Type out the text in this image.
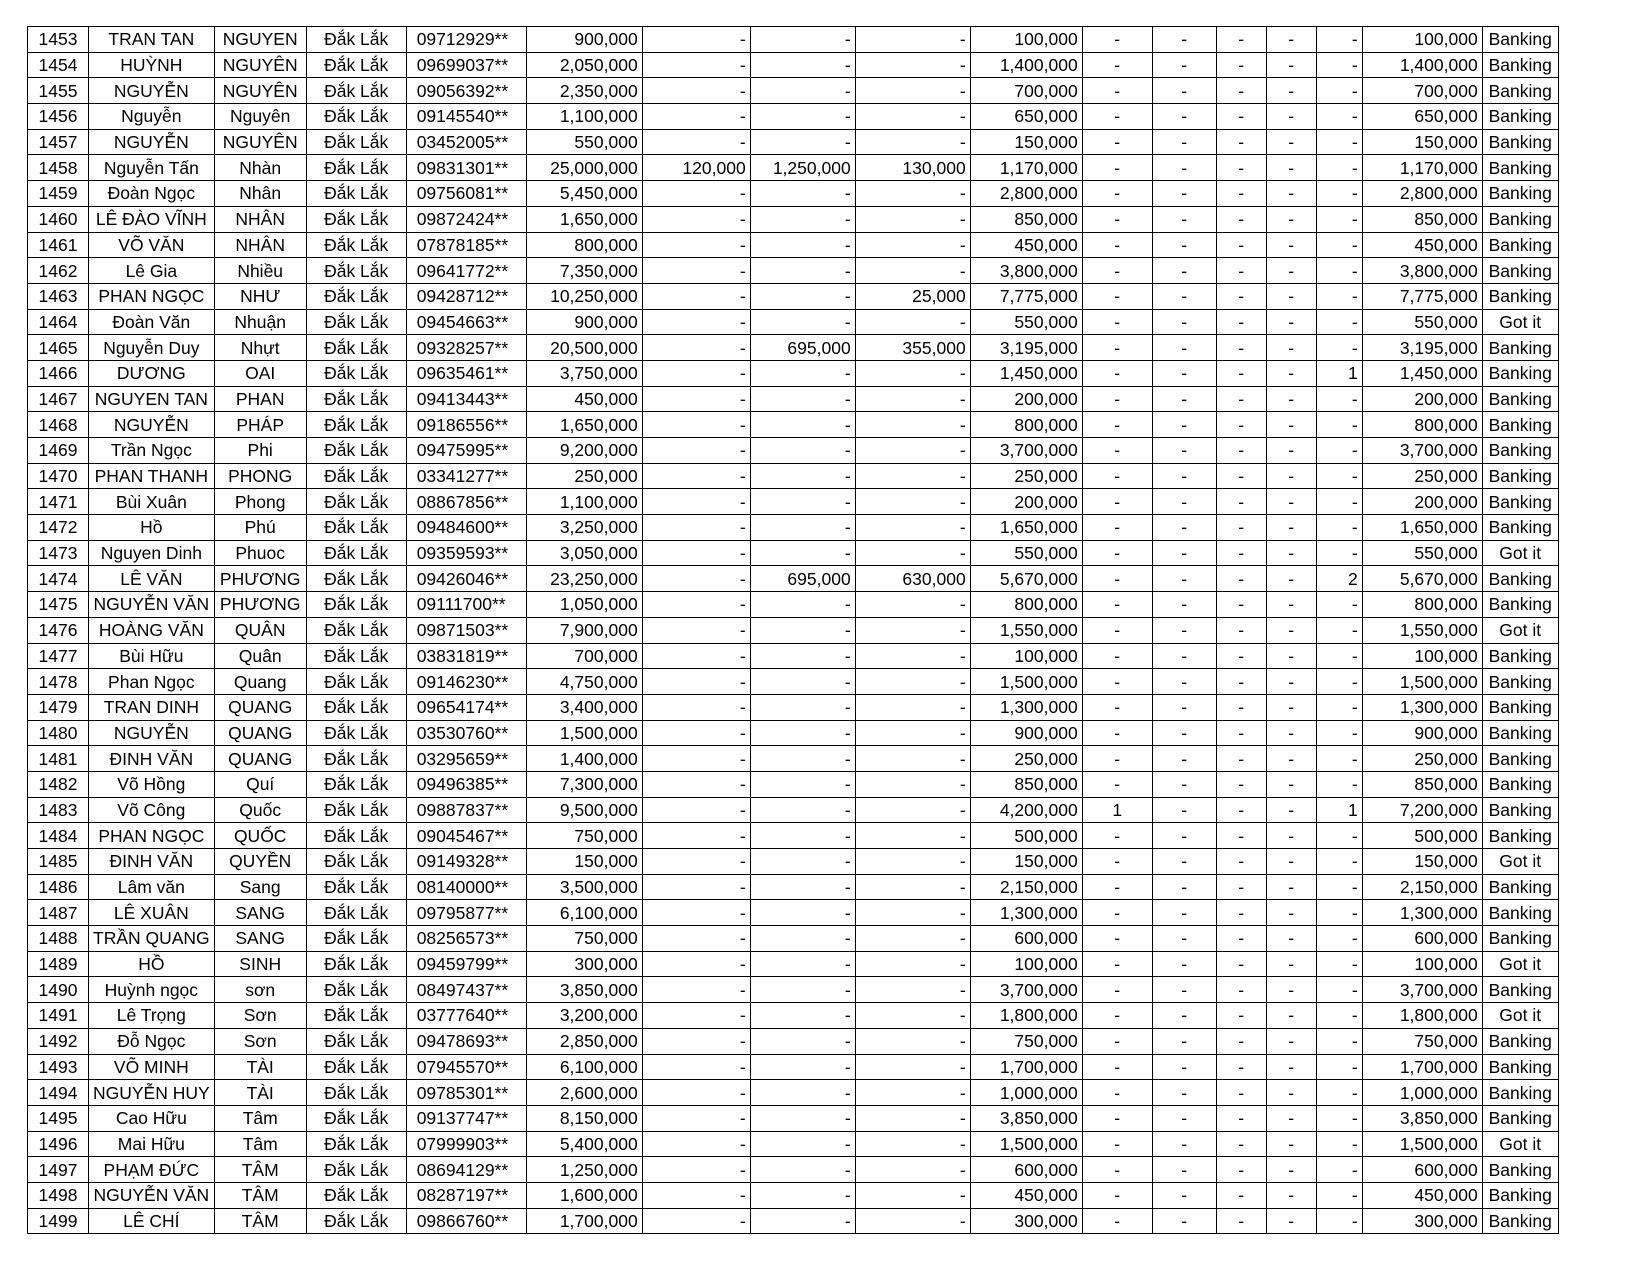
1453	TRAN TAN	NGUYEN	Đắk Lắk	09712929**	900,000	-	-	-	100,000	-	-	-	-	-	100,000	Banking
1454	HUỲNH	NGUYÊN	Đắk Lắk	09699037**	2,050,000	-	-	-	1,400,000	-	-	-	-	-	1,400,000	Banking
1455	NGUYỄN	NGUYÊN	Đắk Lắk	09056392**	2,350,000	-	-	-	700,000	-	-	-	-	-	700,000	Banking
1456	Nguyễn	Nguyên	Đắk Lắk	09145540**	1,100,000	-	-	-	650,000	-	-	-	-	-	650,000	Banking
1457	NGUYỄN	NGUYÊN	Đắk Lắk	03452005**	550,000	-	-	-	150,000	-	-	-	-	-	150,000	Banking
1458	Nguyễn Tấn	Nhàn	Đắk Lắk	09831301**	25,000,000	120,000	1,250,000	130,000	1,170,000	-	-	-	-	-	1,170,000	Banking
1459	Đoàn Ngọc	Nhân	Đắk Lắk	09756081**	5,450,000	-	-	-	2,800,000	-	-	-	-	-	2,800,000	Banking
1460	LÊ ĐÀO VĨNH	NHÂN	Đắk Lắk	09872424**	1,650,000	-	-	-	850,000	-	-	-	-	-	850,000	Banking
1461	VÕ VĂN	NHÂN	Đắk Lắk	07878185**	800,000	-	-	-	450,000	-	-	-	-	-	450,000	Banking
1462	Lê Gia	Nhiều	Đắk Lắk	09641772**	7,350,000	-	-	-	3,800,000	-	-	-	-	-	3,800,000	Banking
1463	PHAN NGỌC	NHƯ	Đắk Lắk	09428712**	10,250,000	-	-	25,000	7,775,000	-	-	-	-	-	7,775,000	Banking
1464	Đoàn Văn	Nhuận	Đắk Lắk	09454663**	900,000	-	-	-	550,000	-	-	-	-	-	550,000	Got it
1465	Nguyễn Duy	Nhựt	Đắk Lắk	09328257**	20,500,000	-	695,000	355,000	3,195,000	-	-	-	-	-	3,195,000	Banking
1466	DƯƠNG	OAI	Đắk Lắk	09635461**	3,750,000	-	-	-	1,450,000	-	-	-	-	1	1,450,000	Banking
1467	NGUYEN TAN	PHAN	Đắk Lắk	09413443**	450,000	-	-	-	200,000	-	-	-	-	-	200,000	Banking
1468	NGUYỄN	PHÁP	Đắk Lắk	09186556**	1,650,000	-	-	-	800,000	-	-	-	-	-	800,000	Banking
1469	Trần Ngọc	Phi	Đắk Lắk	09475995**	9,200,000	-	-	-	3,700,000	-	-	-	-	-	3,700,000	Banking
1470	PHAN THANH	PHONG	Đắk Lắk	03341277**	250,000	-	-	-	250,000	-	-	-	-	-	250,000	Banking
1471	Bùi Xuân	Phong	Đắk Lắk	08867856**	1,100,000	-	-	-	200,000	-	-	-	-	-	200,000	Banking
1472	Hồ	Phú	Đắk Lắk	09484600**	3,250,000	-	-	-	1,650,000	-	-	-	-	-	1,650,000	Banking
1473	Nguyen Dinh	Phuoc	Đắk Lắk	09359593**	3,050,000	-	-	-	550,000	-	-	-	-	-	550,000	Got it
1474	LÊ VĂN	PHƯƠNG	Đắk Lắk	09426046**	23,250,000	-	695,000	630,000	5,670,000	-	-	-	-	2	5,670,000	Banking
1475	NGUYỄN VĂN	PHƯƠNG	Đắk Lắk	09111700**	1,050,000	-	-	-	800,000	-	-	-	-	-	800,000	Banking
1476	HOÀNG VĂN	QUÂN	Đắk Lắk	09871503**	7,900,000	-	-	-	1,550,000	-	-	-	-	-	1,550,000	Got it
1477	Bùi Hữu	Quân	Đắk Lắk	03831819**	700,000	-	-	-	100,000	-	-	-	-	-	100,000	Banking
1478	Phan Ngọc	Quang	Đắk Lắk	09146230**	4,750,000	-	-	-	1,500,000	-	-	-	-	-	1,500,000	Banking
1479	TRAN DINH	QUANG	Đắk Lắk	09654174**	3,400,000	-	-	-	1,300,000	-	-	-	-	-	1,300,000	Banking
1480	NGUYỄN	QUANG	Đắk Lắk	03530760**	1,500,000	-	-	-	900,000	-	-	-	-	-	900,000	Banking
1481	ĐINH VĂN	QUANG	Đắk Lắk	03295659**	1,400,000	-	-	-	250,000	-	-	-	-	-	250,000	Banking
1482	Võ Hồng	Quí	Đắk Lắk	09496385**	7,300,000	-	-	-	850,000	-	-	-	-	-	850,000	Banking
1483	Võ Công	Quốc	Đắk Lắk	09887837**	9,500,000	-	-	-	4,200,000	1	-	-	-	1	7,200,000	Banking
1484	PHAN NGỌC	QUỐC	Đắk Lắk	09045467**	750,000	-	-	-	500,000	-	-	-	-	-	500,000	Banking
1485	ĐINH VĂN	QUYỀN	Đắk Lắk	09149328**	150,000	-	-	-	150,000	-	-	-	-	-	150,000	Got it
1486	Lâm văn	Sang	Đắk Lắk	08140000**	3,500,000	-	-	-	2,150,000	-	-	-	-	-	2,150,000	Banking
1487	LÊ XUÂN	SANG	Đắk Lắk	09795877**	6,100,000	-	-	-	1,300,000	-	-	-	-	-	1,300,000	Banking
1488	TRẦN QUANG	SANG	Đắk Lắk	08256573**	750,000	-	-	-	600,000	-	-	-	-	-	600,000	Banking
1489	HỒ	SINH	Đắk Lắk	09459799**	300,000	-	-	-	100,000	-	-	-	-	-	100,000	Got it
1490	Huỳnh ngọc	sơn	Đắk Lắk	08497437**	3,850,000	-	-	-	3,700,000	-	-	-	-	-	3,700,000	Banking
1491	Lê Trọng	Sơn	Đắk Lắk	03777640**	3,200,000	-	-	-	1,800,000	-	-	-	-	-	1,800,000	Got it
1492	Đỗ Ngọc	Sơn	Đắk Lắk	09478693**	2,850,000	-	-	-	750,000	-	-	-	-	-	750,000	Banking
1493	VÕ MINH	TÀI	Đắk Lắk	07945570**	6,100,000	-	-	-	1,700,000	-	-	-	-	-	1,700,000	Banking
1494	NGUYỄN HUY	TÀI	Đắk Lắk	09785301**	2,600,000	-	-	-	1,000,000	-	-	-	-	-	1,000,000	Banking
1495	Cao Hữu	Tâm	Đắk Lắk	09137747**	8,150,000	-	-	-	3,850,000	-	-	-	-	-	3,850,000	Banking
1496	Mai Hữu	Tâm	Đắk Lắk	07999903**	5,400,000	-	-	-	1,500,000	-	-	-	-	-	1,500,000	Got it
1497	PHẠM ĐỨC	TÂM	Đắk Lắk	08694129**	1,250,000	-	-	-	600,000	-	-	-	-	-	600,000	Banking
1498	NGUYỄN VĂN	TÂM	Đắk Lắk	08287197**	1,600,000	-	-	-	450,000	-	-	-	-	-	450,000	Banking
1499	LÊ CHÍ	TÂM	Đắk Lắk	09866760**	1,700,000	-	-	-	300,000	-	-	-	-	-	300,000	Banking
